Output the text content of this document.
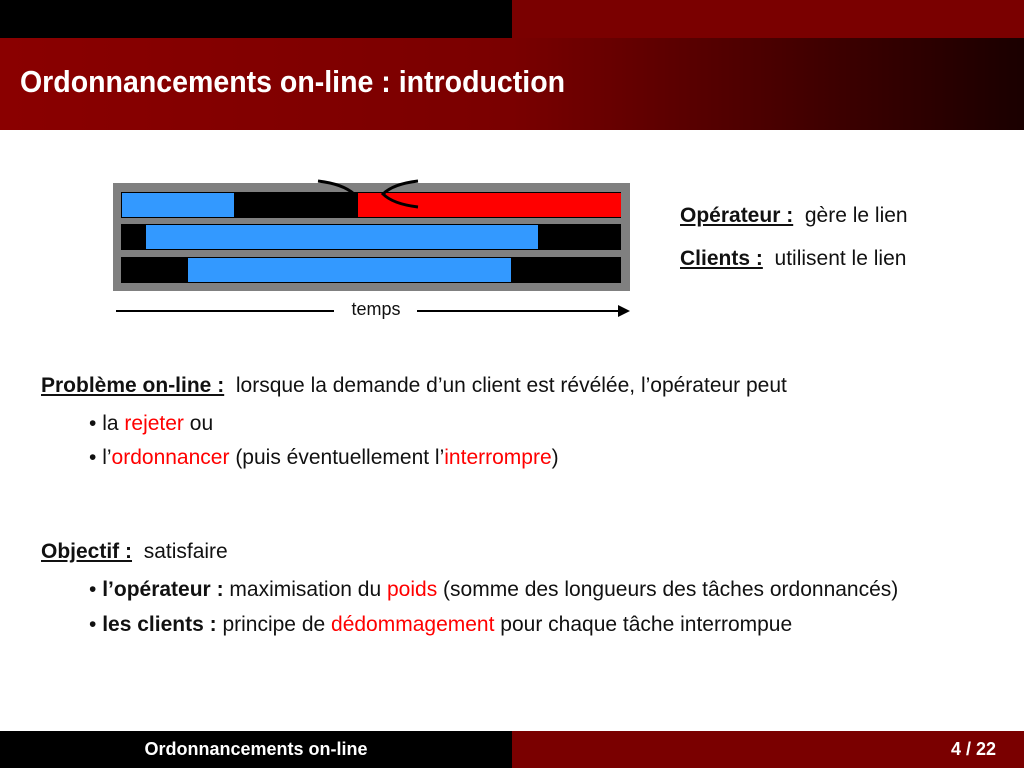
Ordonnancements on-line : introduction
temps
Opérateur : gère le lien
Clients : utilisent le lien
Problème on-line : lorsque la demande d’un client est révélée, l’opérateur peut
• la rejeter ou
• l’ordonnancer (puis éventuellement l’interrompre)
Objectif : satisfaire
• l’opérateur : maximisation du poids (somme des longueurs des tâches ordonnancés)
• les clients : principe de dédommagement pour chaque tâche interrompue
Ordonnancements on-line	4 / 22
